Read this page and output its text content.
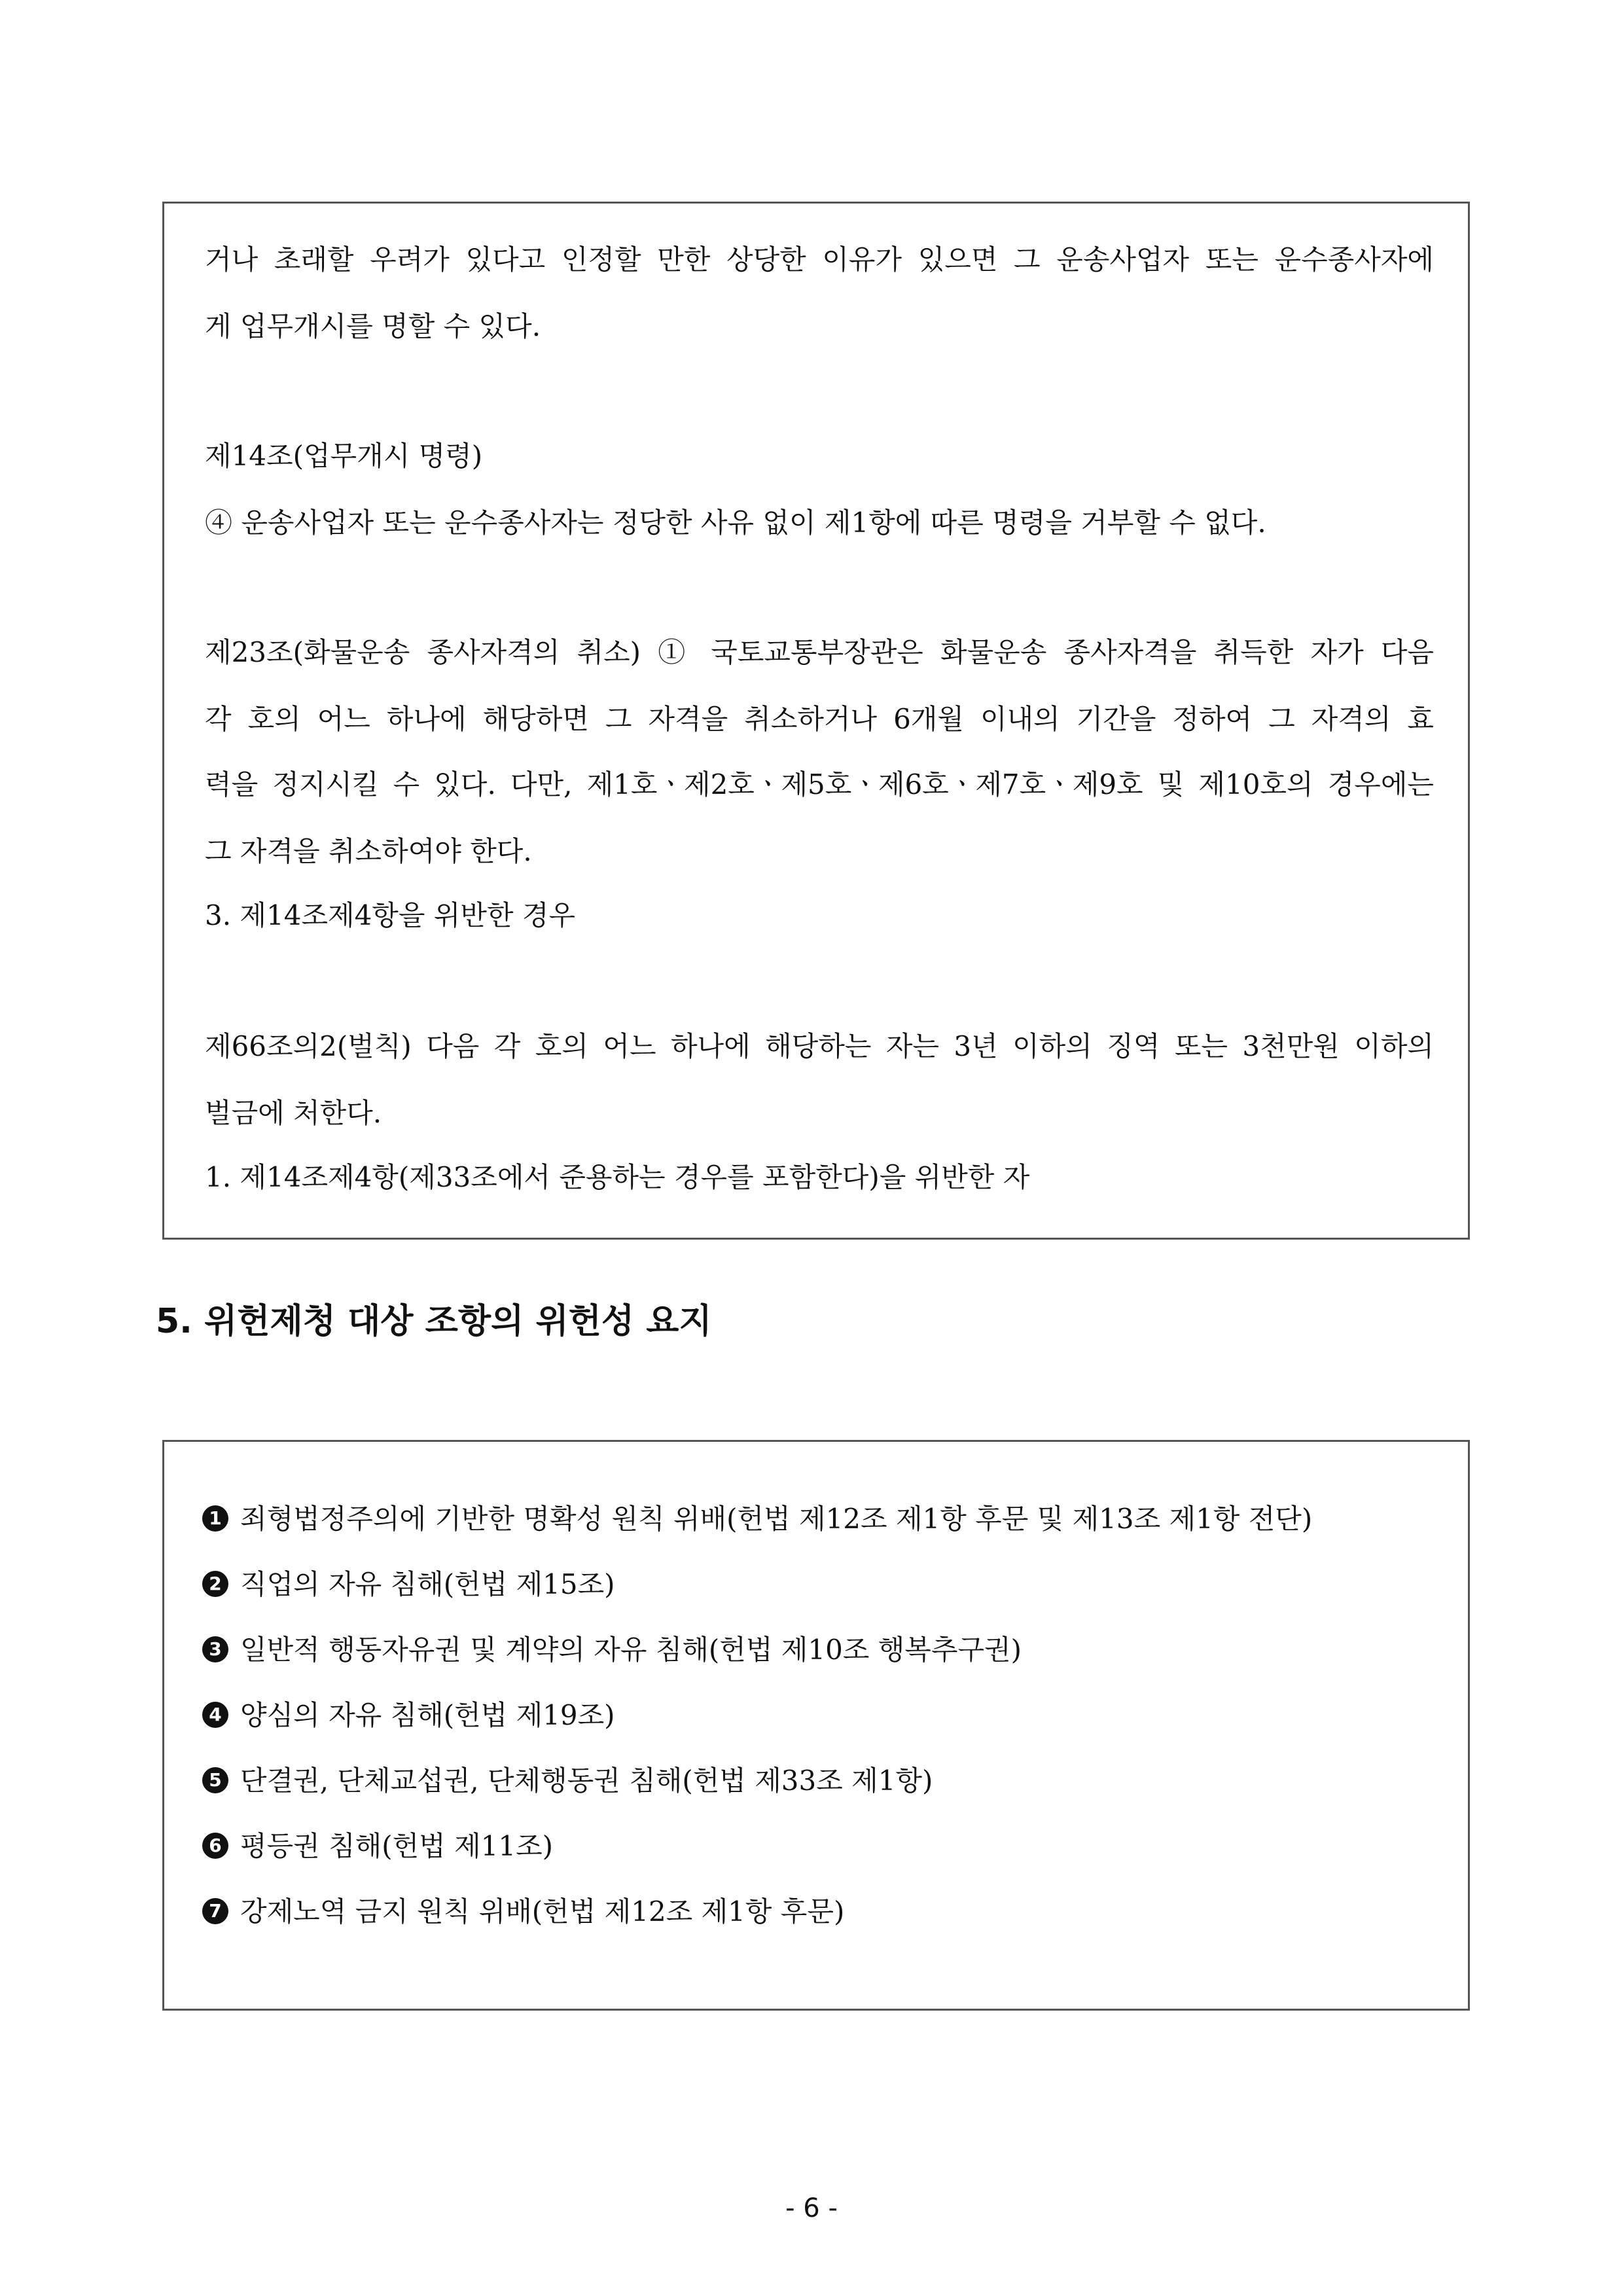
거나 초래할 우려가 있다고 인정할 만한 상당한 이유가 있으면 그 운송사업자 또는 운수종사자에
게 업무개시를 명할 수 있다.
제14조(업무개시 명령)
④ 운송사업자 또는 운수종사자는 정당한 사유 없이 제1항에 따른 명령을 거부할 수 없다.
제23조(화물운송 종사자격의 취소) ① 국토교통부장관은 화물운송 종사자격을 취득한 자가 다음
각 호의 어느 하나에 해당하면 그 자격을 취소하거나 6개월 이내의 기간을 정하여 그 자격의 효
력을 정지시킬 수 있다. 다만, 제1호ㆍ제2호ㆍ제5호ㆍ제6호ㆍ제7호ㆍ제9호 및 제10호의 경우에는
그 자격을 취소하여야 한다.
3. 제14조제4항을 위반한 경우
제66조의2(벌칙) 다음 각 호의 어느 하나에 해당하는 자는 3년 이하의 징역 또는 3천만원 이하의
벌금에 처한다.
1. 제14조제4항(제33조에서 준용하는 경우를 포함한다)을 위반한 자
5. 위헌제청 대상 조항의 위헌성 요지
1 죄형법정주의에 기반한 명확성 원칙 위배(헌법 제12조 제1항 후문 및 제13조 제1항 전단)
2 직업의 자유 침해(헌법 제15조)
3 일반적 행동자유권 및 계약의 자유 침해(헌법 제10조 행복추구권)
4 양심의 자유 침해(헌법 제19조)
5 단결권, 단체교섭권, 단체행동권 침해(헌법 제33조 제1항)
6 평등권 침해(헌법 제11조)
7 강제노역 금지 원칙 위배(헌법 제12조 제1항 후문)
- 6 -
